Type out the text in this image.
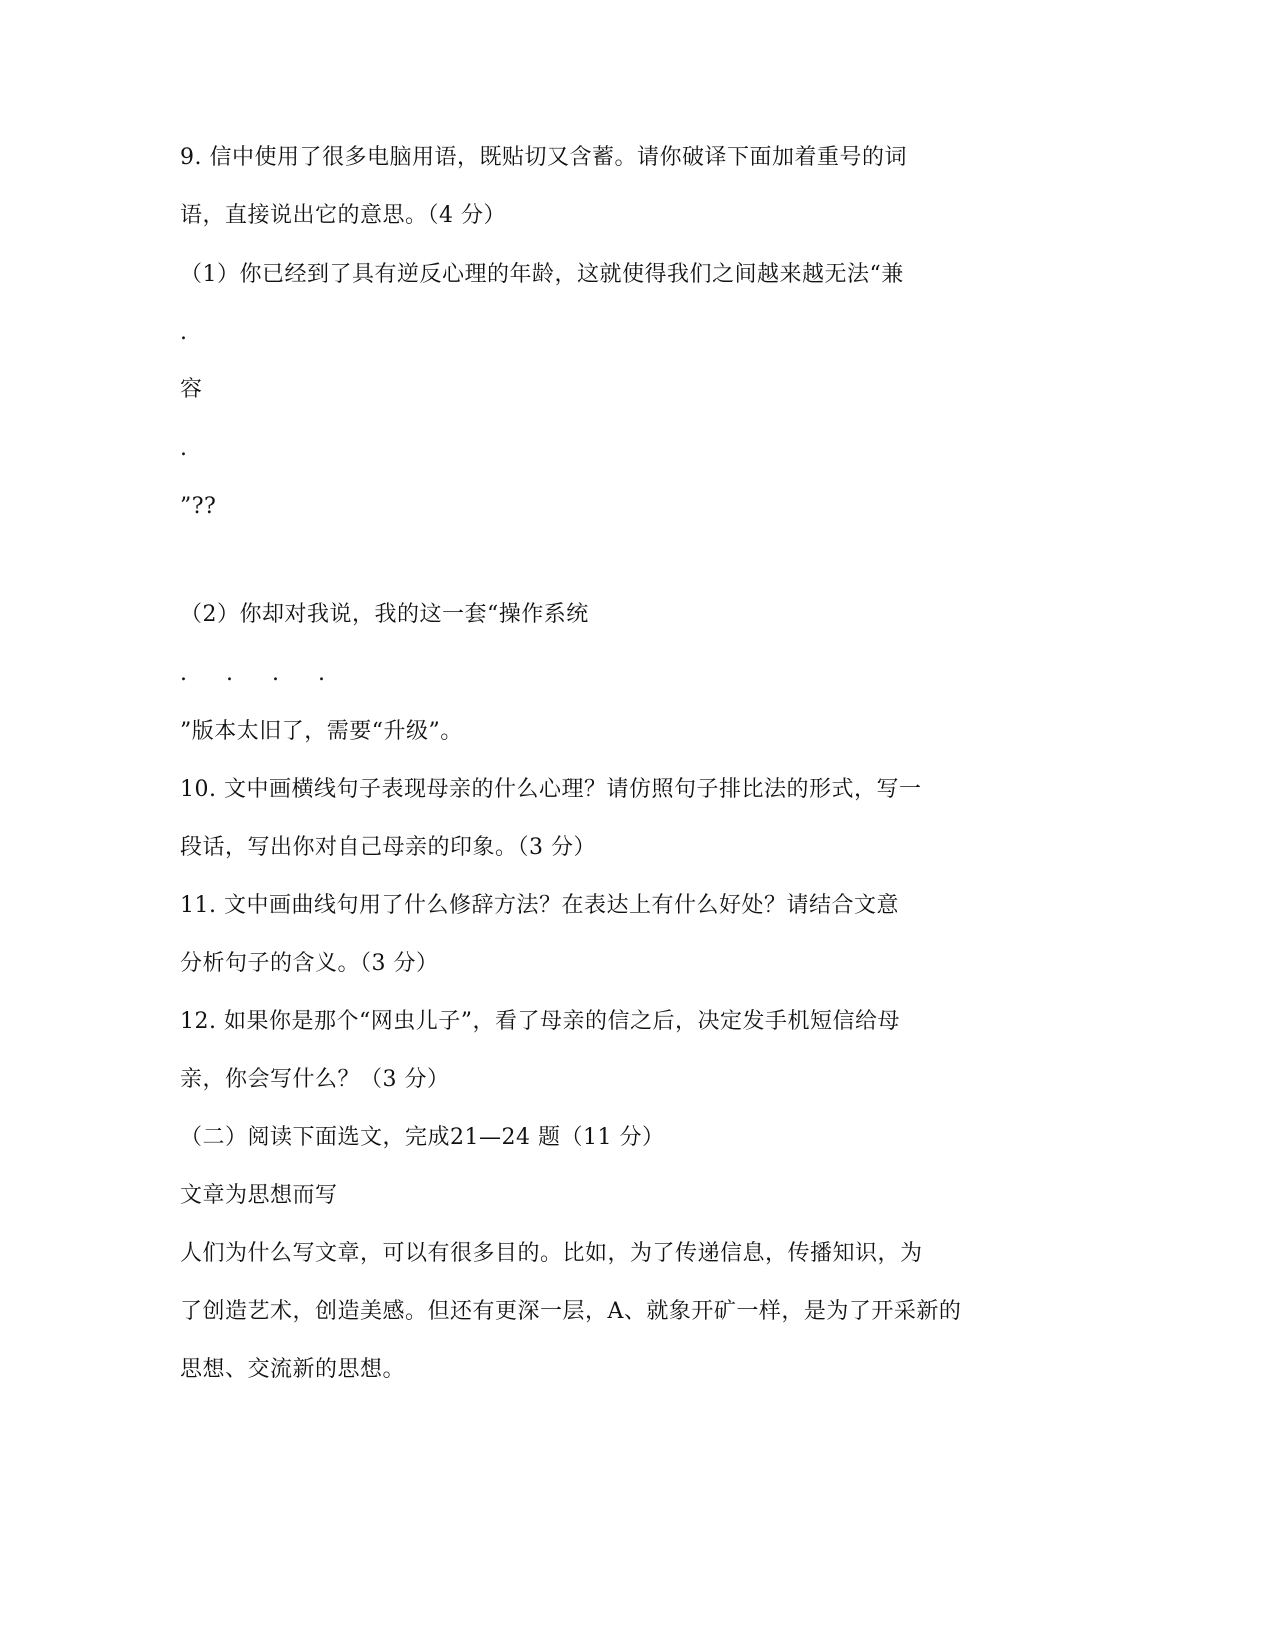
9. 信中使用了很多电脑用语，既贴切又含蓄。请你破译下面加着重号的词
语，直接说出它的意思。（4 分）
（1）你已经到了具有逆反心理的年龄，这就使得我们之间越来越无法“兼
.
容
.
”??
（2）你却对我说，我的这一套“操作系统
. . . .
”版本太旧了，需要“升级”。
10. 文中画横线句子表现母亲的什么心理？请仿照句子排比法的形式，写一
段话，写出你对自己母亲的印象。（3 分）
11. 文中画曲线句用了什么修辞方法？在表达上有什么好处？请结合文意
分析句子的含义。（3 分）
12. 如果你是那个“网虫儿子”，看了母亲的信之后，决定发手机短信给母
亲，你会写什么？（3 分）
（二）阅读下面选文，完成21—24 题（11 分）
文章为思想而写
人们为什么写文章，可以有很多目的。比如，为了传递信息，传播知识，为
了创造艺术，创造美感。但还有更深一层，A、就象开矿一样，是为了开采新的
思想、交流新的思想。
